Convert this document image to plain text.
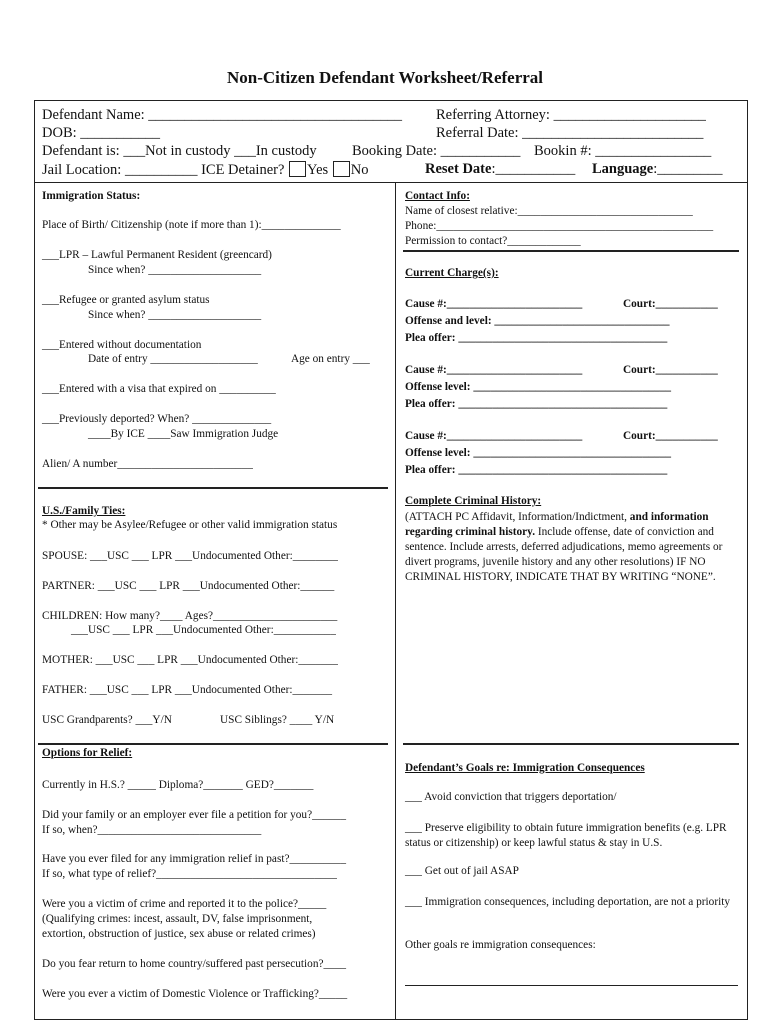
Non-Citizen Defendant Worksheet/Referral
Defendant Name: ___________________________________ Referring Attorney: _____________________
DOB: ___________	Referral Date: _________________________
Defendant is: ___Not in custody ___In custody Booking Date: ___________ Bookin #: ________________
Jail Location: __________ ICE Detainer? Yes No	Reset Date:___________ Language:_________
Immigration Status:
Place of Birth/ Citizenship (note if more than 1):______________
___LPR – Lawful Permanent Resident (greencard)
Since when? ____________________
___Refugee or granted asylum status
Since when? ____________________
___Entered without documentation
Date of entry ___________________	Age on entry ___
___Entered with a visa that expired on __________
___Previously deported? When? ______________
____By ICE ____Saw Immigration Judge
Alien/ A number________________________
U.S./Family Ties:
* Other may be Asylee/Refugee or other valid immigration status
SPOUSE: ___USC ___ LPR ___Undocumented Other:________
PARTNER: ___USC ___ LPR ___Undocumented Other:______
CHILDREN: How many?____ Ages?______________________
___USC ___ LPR ___Undocumented Other:___________
MOTHER: ___USC ___ LPR ___Undocumented Other:_______
FATHER: ___USC ___ LPR ___Undocumented Other:_______
USC Grandparents? ___Y/N	USC Siblings? ____ Y/N
Options for Relief:
Currently in H.S.? _____ Diploma?_______ GED?_______
Did your family or an employer ever file a petition for you?______
If so, when?_____________________________
Have you ever filed for any immigration relief in past?__________
If so, what type of relief?________________________________
Were you a victim of crime and reported it to the police?_____
(Qualifying crimes: incest, assault, DV, false imprisonment,
extortion, obstruction of justice, sex abuse or related crimes)
Do you fear return to home country/suffered past persecution?____
Were you ever a victim of Domestic Violence or Trafficking?_____
Contact Info:
Name of closest relative:_______________________________
Phone:_________________________________________________
Permission to contact?_____________
Current Charge(s):
Cause #:________________________	Court:___________
Offense and level: _______________________________
Plea offer: _____________________________________
Cause #:________________________	Court:___________
Offense level: ___________________________________
Plea offer: _____________________________________
Cause #:________________________	Court:___________
Offense level: ___________________________________
Plea offer: _____________________________________
Complete Criminal History:
(ATTACH PC Affidavit, Information/Indictment, and information regarding criminal history. Include offense, date of conviction and sentence. Include arrests, deferred adjudications, memo agreements or divert programs, juvenile history and any other resolutions) IF NO CRIMINAL HISTORY, INDICATE THAT BY WRITING “NONE”.
Defendant’s Goals re: Immigration Consequences
___ Avoid conviction that triggers deportation/
___ Preserve eligibility to obtain future immigration benefits (e.g. LPR status or citizenship) or keep lawful status & stay in U.S.
___ Get out of jail ASAP
___ Immigration consequences, including deportation, are not a priority
Other goals re immigration consequences:
